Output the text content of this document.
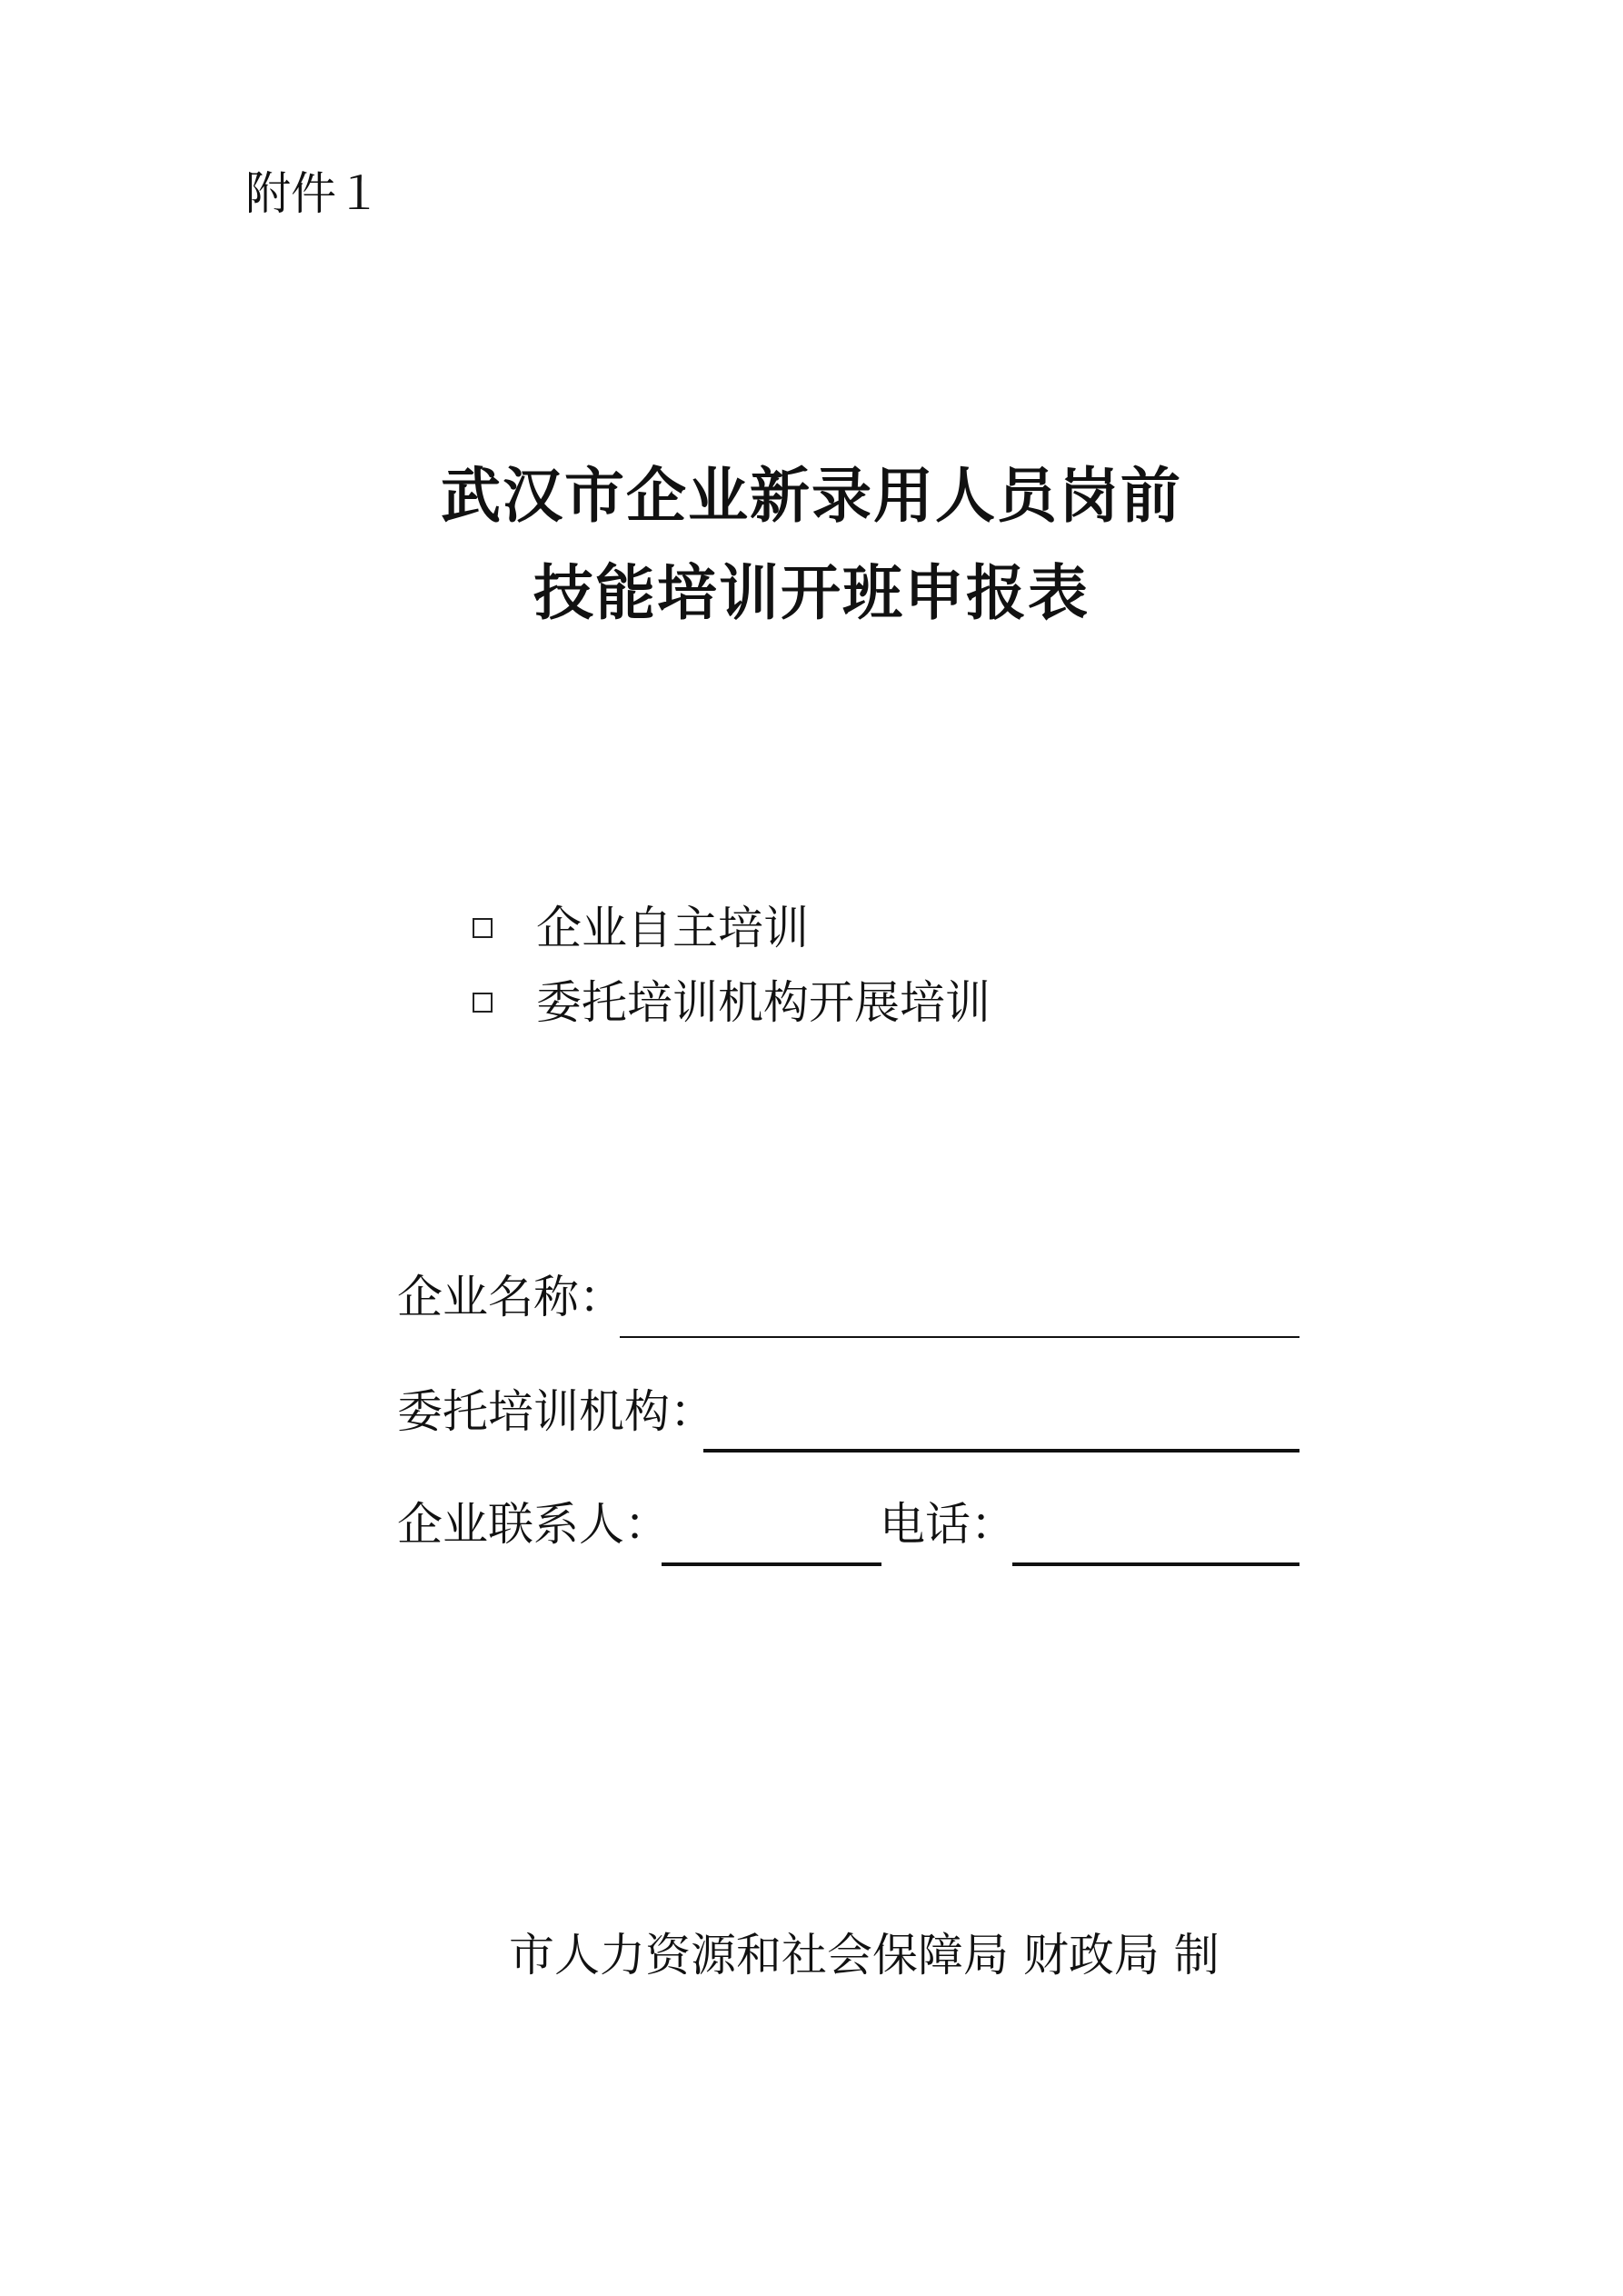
附件１
武汉市企业新录用人员岗前
技能培训开班申报表
企业自主培训
委托培训机构开展培训
企业名称：
委托培训机构：
企业联系人：	电话：
市人力资源和社会保障局 财政局 制
